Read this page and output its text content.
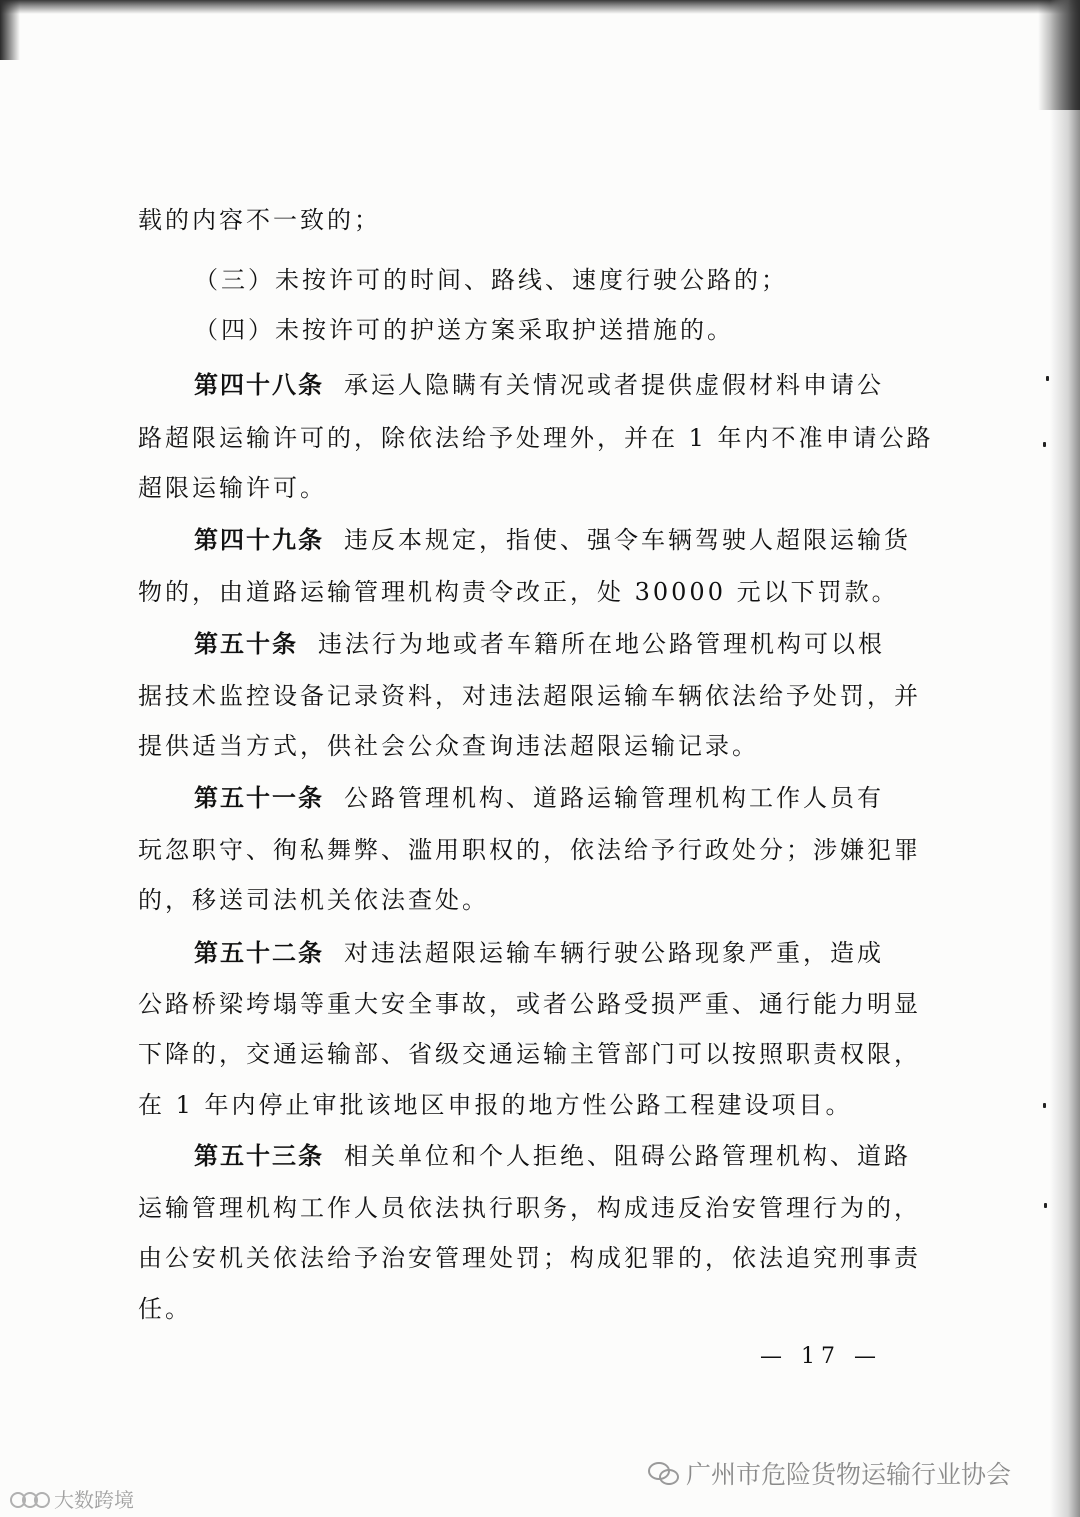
载的内容不一致的；
（三）未按许可的时间、路线、速度行驶公路的；
（四）未按许可的护送方案采取护送措施的。
第四十八条 承运人隐瞒有关情况或者提供虚假材料申请公
路超限运输许可的，除依法给予处理外，并在 1 年内不准申请公路
超限运输许可。
第四十九条 违反本规定，指使、强令车辆驾驶人超限运输货
物的，由道路运输管理机构责令改正，处 30000 元以下罚款。
第五十条 违法行为地或者车籍所在地公路管理机构可以根
据技术监控设备记录资料，对违法超限运输车辆依法给予处罚，并
提供适当方式，供社会公众查询违法超限运输记录。
第五十一条 公路管理机构、道路运输管理机构工作人员有
玩忽职守、徇私舞弊、滥用职权的，依法给予行政处分；涉嫌犯罪
的，移送司法机关依法查处。
第五十二条 对违法超限运输车辆行驶公路现象严重，造成
公路桥梁垮塌等重大安全事故，或者公路受损严重、通行能力明显
下降的，交通运输部、省级交通运输主管部门可以按照职责权限，
在 1 年内停止审批该地区申报的地方性公路工程建设项目。
第五十三条 相关单位和个人拒绝、阻碍公路管理机构、道路
运输管理机构工作人员依法执行职务，构成违反治安管理行为的，
由公安机关依法给予治安管理处罚；构成犯罪的，依法追究刑事责
任。
— 17 —
广州市危险货物运输行业协会
大数跨境
